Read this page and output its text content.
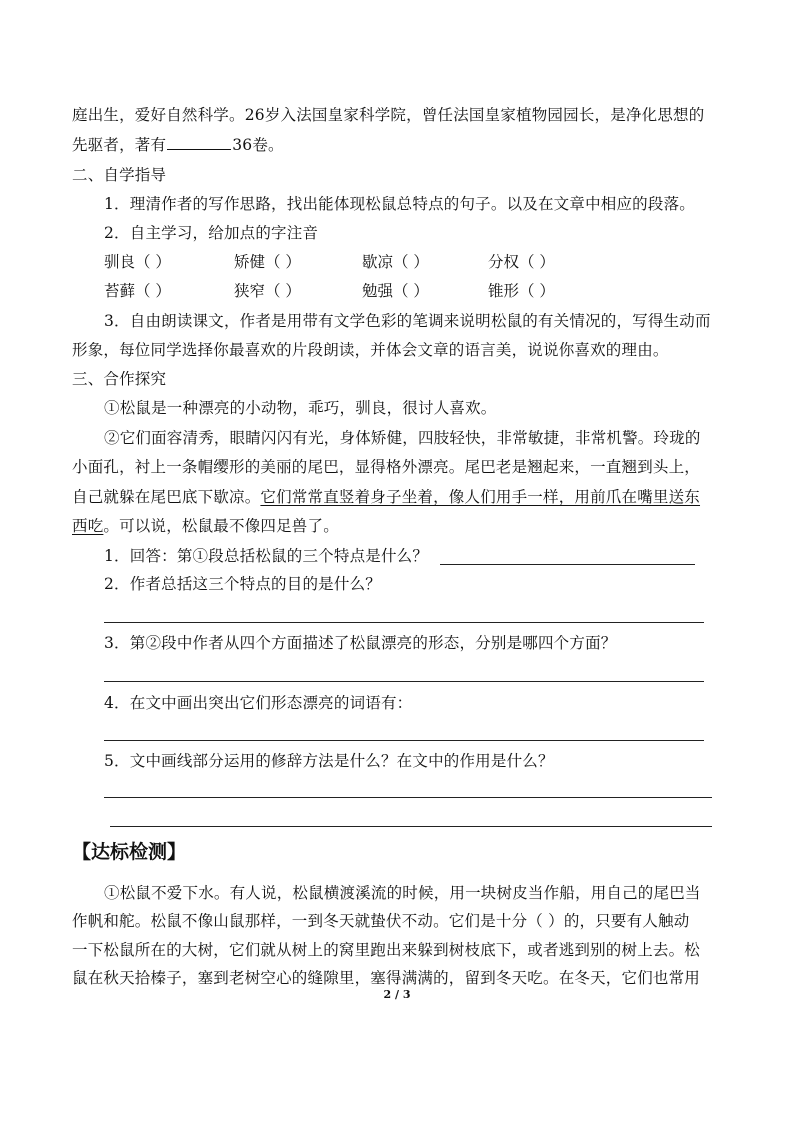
庭出生，爱好自然科学。26岁入法国皇家科学院，曾任法国皇家植物园园长，是净化思想的
先驱者，著有	36卷。
二、自学指导
1．理清作者的写作思路，找出能体现松鼠总特点的句子。以及在文章中相应的段落。
2．自主学习，给加点的字注音
驯良（ ）	矫健（ ）	歇凉（ ）	分权（ ）
苔藓（ ）	狭窄（ ）	勉强（ ）	锥形（ ）
3．自由朗读课文，作者是用带有文学色彩的笔调来说明松鼠的有关情况的，写得生动而
形象，每位同学选择你最喜欢的片段朗读，并体会文章的语言美，说说你喜欢的理由。
三、合作探究
①松鼠是一种漂亮的小动物，乖巧，驯良，很讨人喜欢。
②它们面容清秀，眼睛闪闪有光，身体矫健，四肢轻快，非常敏捷，非常机警。玲珑的
小面孔，衬上一条帽缨形的美丽的尾巴，显得格外漂亮。尾巴老是翘起来，一直翘到头上，
自己就躲在尾巴底下歇凉。它们常常直竖着身子坐着，像人们用手一样，用前爪在嘴里送东
西吃。可以说，松鼠最不像四足兽了。
1．回答：第①段总括松鼠的三个特点是什么？
2．作者总括这三个特点的目的是什么？
3．第②段中作者从四个方面描述了松鼠漂亮的形态，分别是哪四个方面？
4．在文中画出突出它们形态漂亮的词语有：
5．文中画线部分运用的修辞方法是什么？在文中的作用是什么？
【达标检测】
①松鼠不爱下水。有人说，松鼠横渡溪流的时候，用一块树皮当作船，用自己的尾巴当
作帆和舵。松鼠不像山鼠那样，一到冬天就蛰伏不动。它们是十分（ ）的，只要有人触动
一下松鼠所在的大树，它们就从树上的窝里跑出来躲到树枝底下，或者逃到别的树上去。松
鼠在秋天拾榛子，塞到老树空心的缝隙里，塞得满满的，留到冬天吃。在冬天，它们也常用
2 / 3
